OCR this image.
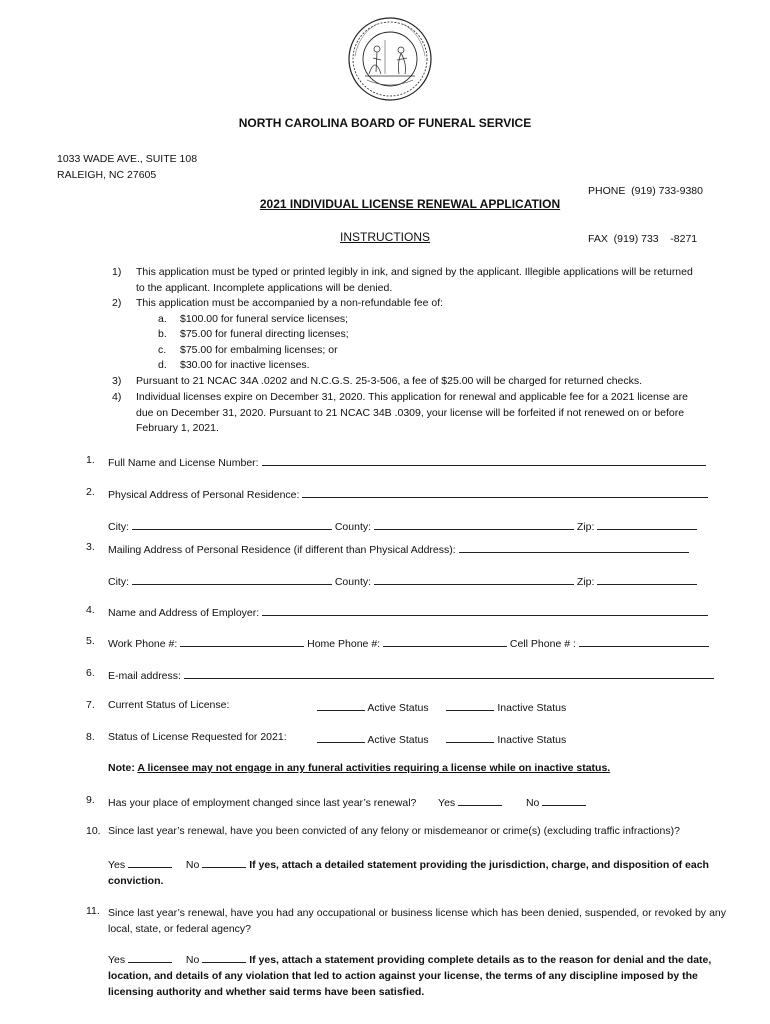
NORTH CAROLINA BOARD OF FUNERAL SERVICE
1033 WADE AVE., SUITE 108
RALEIGH, NC 27605

PHONE  (919) 733-9380

FAX  (919) 733    -8271

2021 INDIVIDUAL LICENSE RENEWAL APPLICATION
INSTRUCTIONS
1) This application must be typed or printed legibly in ink, and signed by the applicant. Illegible applications will be returned to the applicant. Incomplete applications will be denied.
2) This application must be accompanied by a non-refundable fee of:
a. $100.00 for funeral service licenses;
b. $75.00 for funeral directing licenses;
c. $75.00 for embalming licenses; or
d. $30.00 for inactive licenses.
3) Pursuant to 21 NCAC 34A .0202 and N.C.G.S. 25-3-506, a fee of $25.00 will be charged for returned checks.
4) Individual licenses expire on December 31, 2020. This application for renewal and applicable fee for a 2021 license are due on December 31, 2020. Pursuant to 21 NCAC 34B .0309, your license will be forfeited if not renewed on or before February 1, 2021.
1. Full Name and License Number:
2. Physical Address of Personal Residence:
City:	County:	Zip:
3. Mailing Address of Personal Residence (if different than Physical Address):
City:	County:	Zip:
4. Name and Address of Employer:
5. Work Phone #:	Home Phone #:	Cell Phone # :
6. E-mail address:
7. Current Status of License:	Active Status	Inactive Status
8. Status of License Requested for 2021:	Active Status	Inactive Status
Note: A licensee may not engage in any funeral activities requiring a license while on inactive status.
9. Has your place of employment changed since last year’s renewal? Yes	No
10. Since last year’s renewal, have you been convicted of any felony or misdemeanor or crime(s) (excluding traffic infractions)?
Yes	No	If yes, attach a detailed statement providing the jurisdiction, charge, and disposition of each conviction.
11. Since last year’s renewal, have you had any occupational or business license which has been denied, suspended, or revoked by any local, state, or federal agency?
Yes	No	If yes, attach a statement providing complete details as to the reason for denial and the date, location, and details of any violation that led to action against your license, the terms of any discipline imposed by the licensing authority and whether said terms have been satisfied.
